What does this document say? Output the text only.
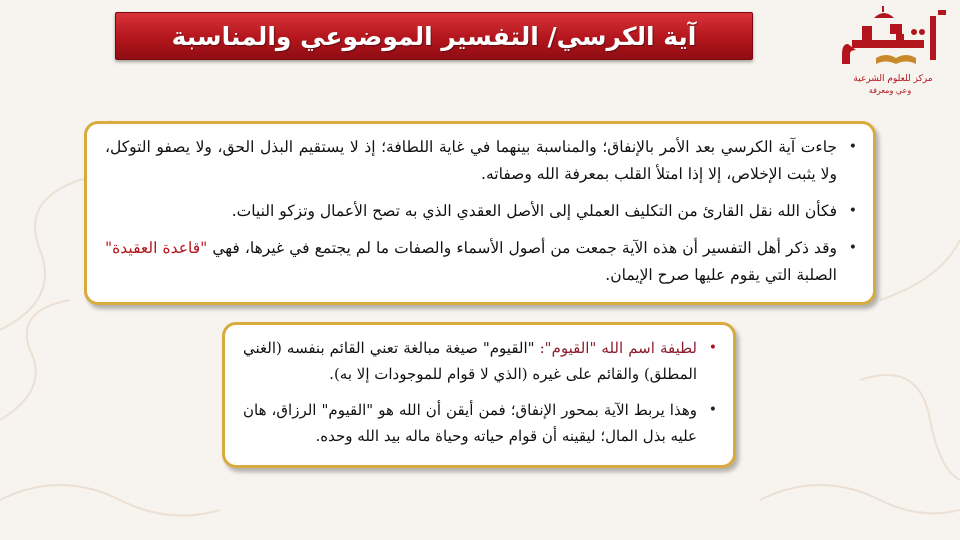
آية الكرسي/ التفسير الموضوعي والمناسبة
مركز للعلوم الشرعية
وعي ومعرفة
•
جاءت آية الكرسي بعد الأمر بالإنفاق؛ والمناسبة بينهما في غاية اللطافة؛ إذ لا يستقيم البذل الحق، ولا يصفو التوكل، ولا يثبت الإخلاص، إلا إذا امتلأ القلب بمعرفة الله وصفاته.
•
فكأن الله نقل القارئ من التكليف العملي إلى الأصل العقدي الذي به تصح الأعمال وتزكو النيات.
•
وقد ذكر أهل التفسير أن هذه الآية جمعت من أصول الأسماء والصفات ما لم يجتمع في غيرها، فهي "قاعدة العقيدة" الصلبة التي يقوم عليها صرح الإيمان.
•
لطيفة اسم الله "القيوم": "القيوم" صيغة مبالغة تعني القائم بنفسه (الغني المطلق) والقائم على غيره (الذي لا قوام للموجودات إلا به).
•
وهذا يربط الآية بمحور الإنفاق؛ فمن أيقن أن الله هو "القيوم" الرزاق، هان عليه بذل المال؛ ليقينه أن قوام حياته وحياة ماله بيد الله وحده.
